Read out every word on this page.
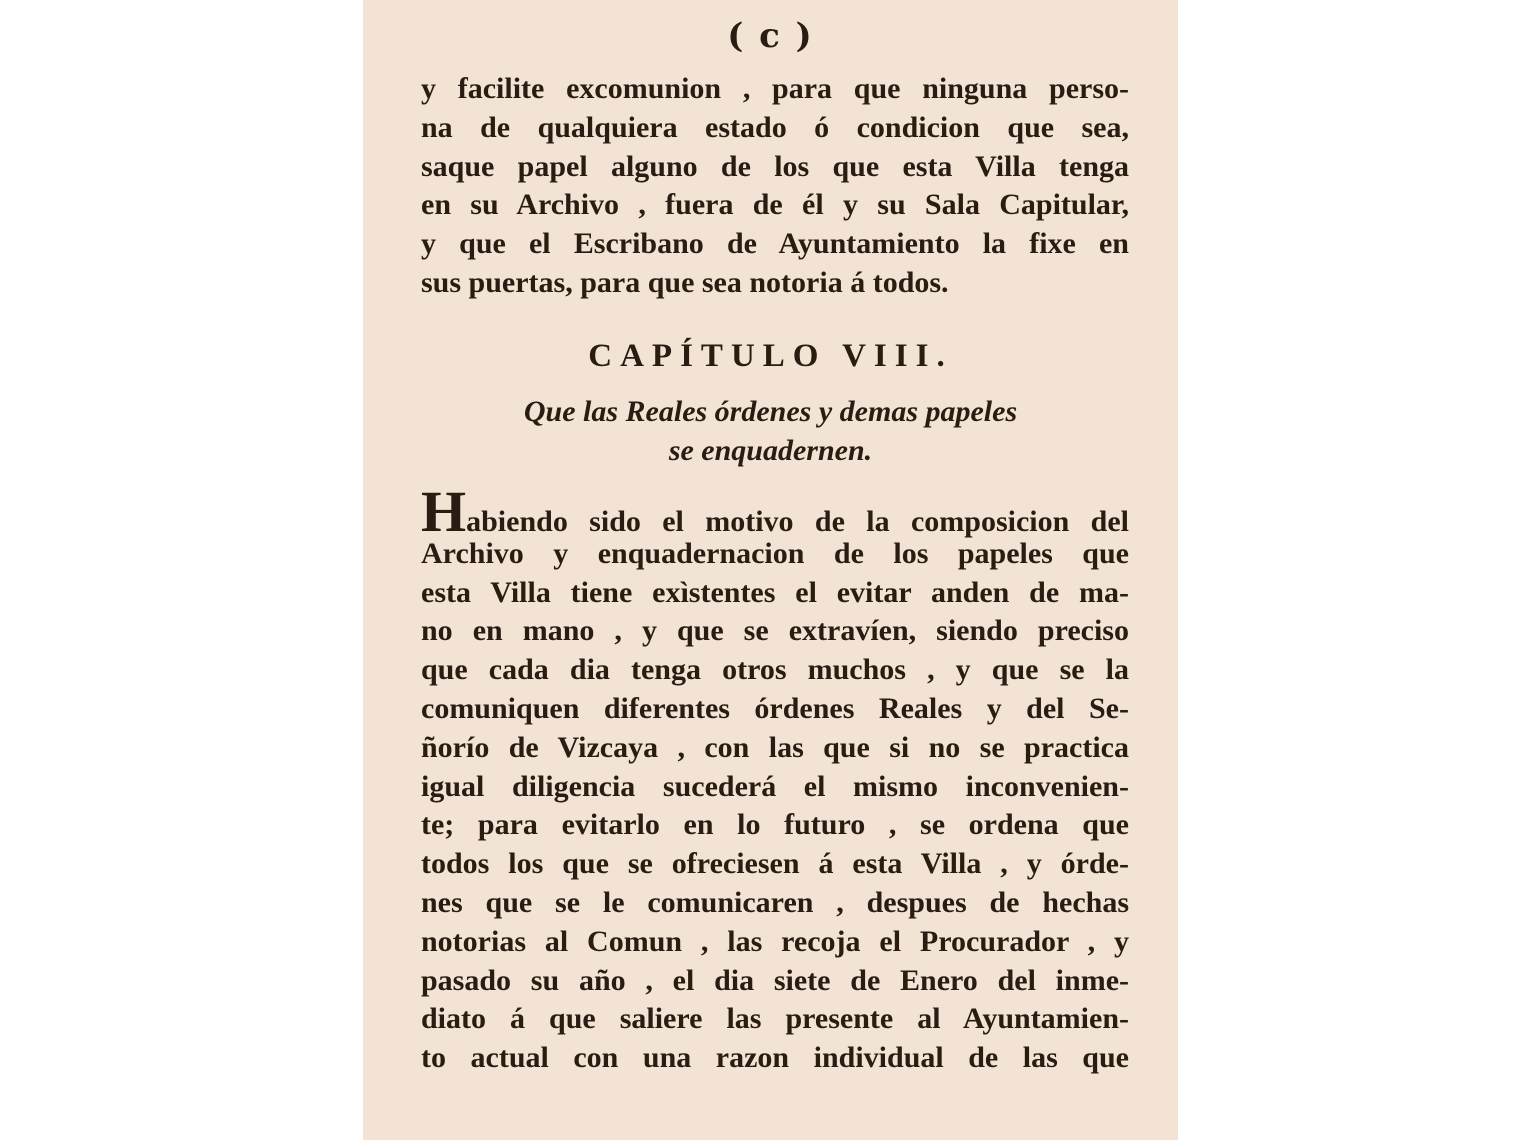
( c )
y facilite excomunion , para que ninguna perso-
na de qualquiera estado ó condicion que sea,
saque papel alguno de los que esta Villa tenga
en su Archivo , fuera de él y su Sala Capitular,
y que el Escribano de Ayuntamiento la fixe en
sus puertas, para que sea notoria á todos.
CAPÍTULO VIII.
Que las Reales órdenes y demas papeles
se enquadernen.
H abiendo sido el motivo de la composicion del
Archivo y enquadernacion de los papeles que
esta Villa tiene exìstentes el evitar anden de ma-
no en mano , y que se extravíen, siendo preciso
que cada dia tenga otros muchos , y que se la
comuniquen diferentes órdenes Reales y del Se-
ñorío de Vizcaya , con las que si no se practica
igual diligencia sucederá el mismo inconvenien-
te; para evitarlo en lo futuro , se ordena que
todos los que se ofreciesen á esta Villa , y órde-
nes que se le comunicaren , despues de hechas
notorias al Comun , las recoja el Procurador , y
pasado su año , el dia siete de Enero del inme-
diato á que saliere las presente al Ayuntamien-
to actual con una razon individual de las que
